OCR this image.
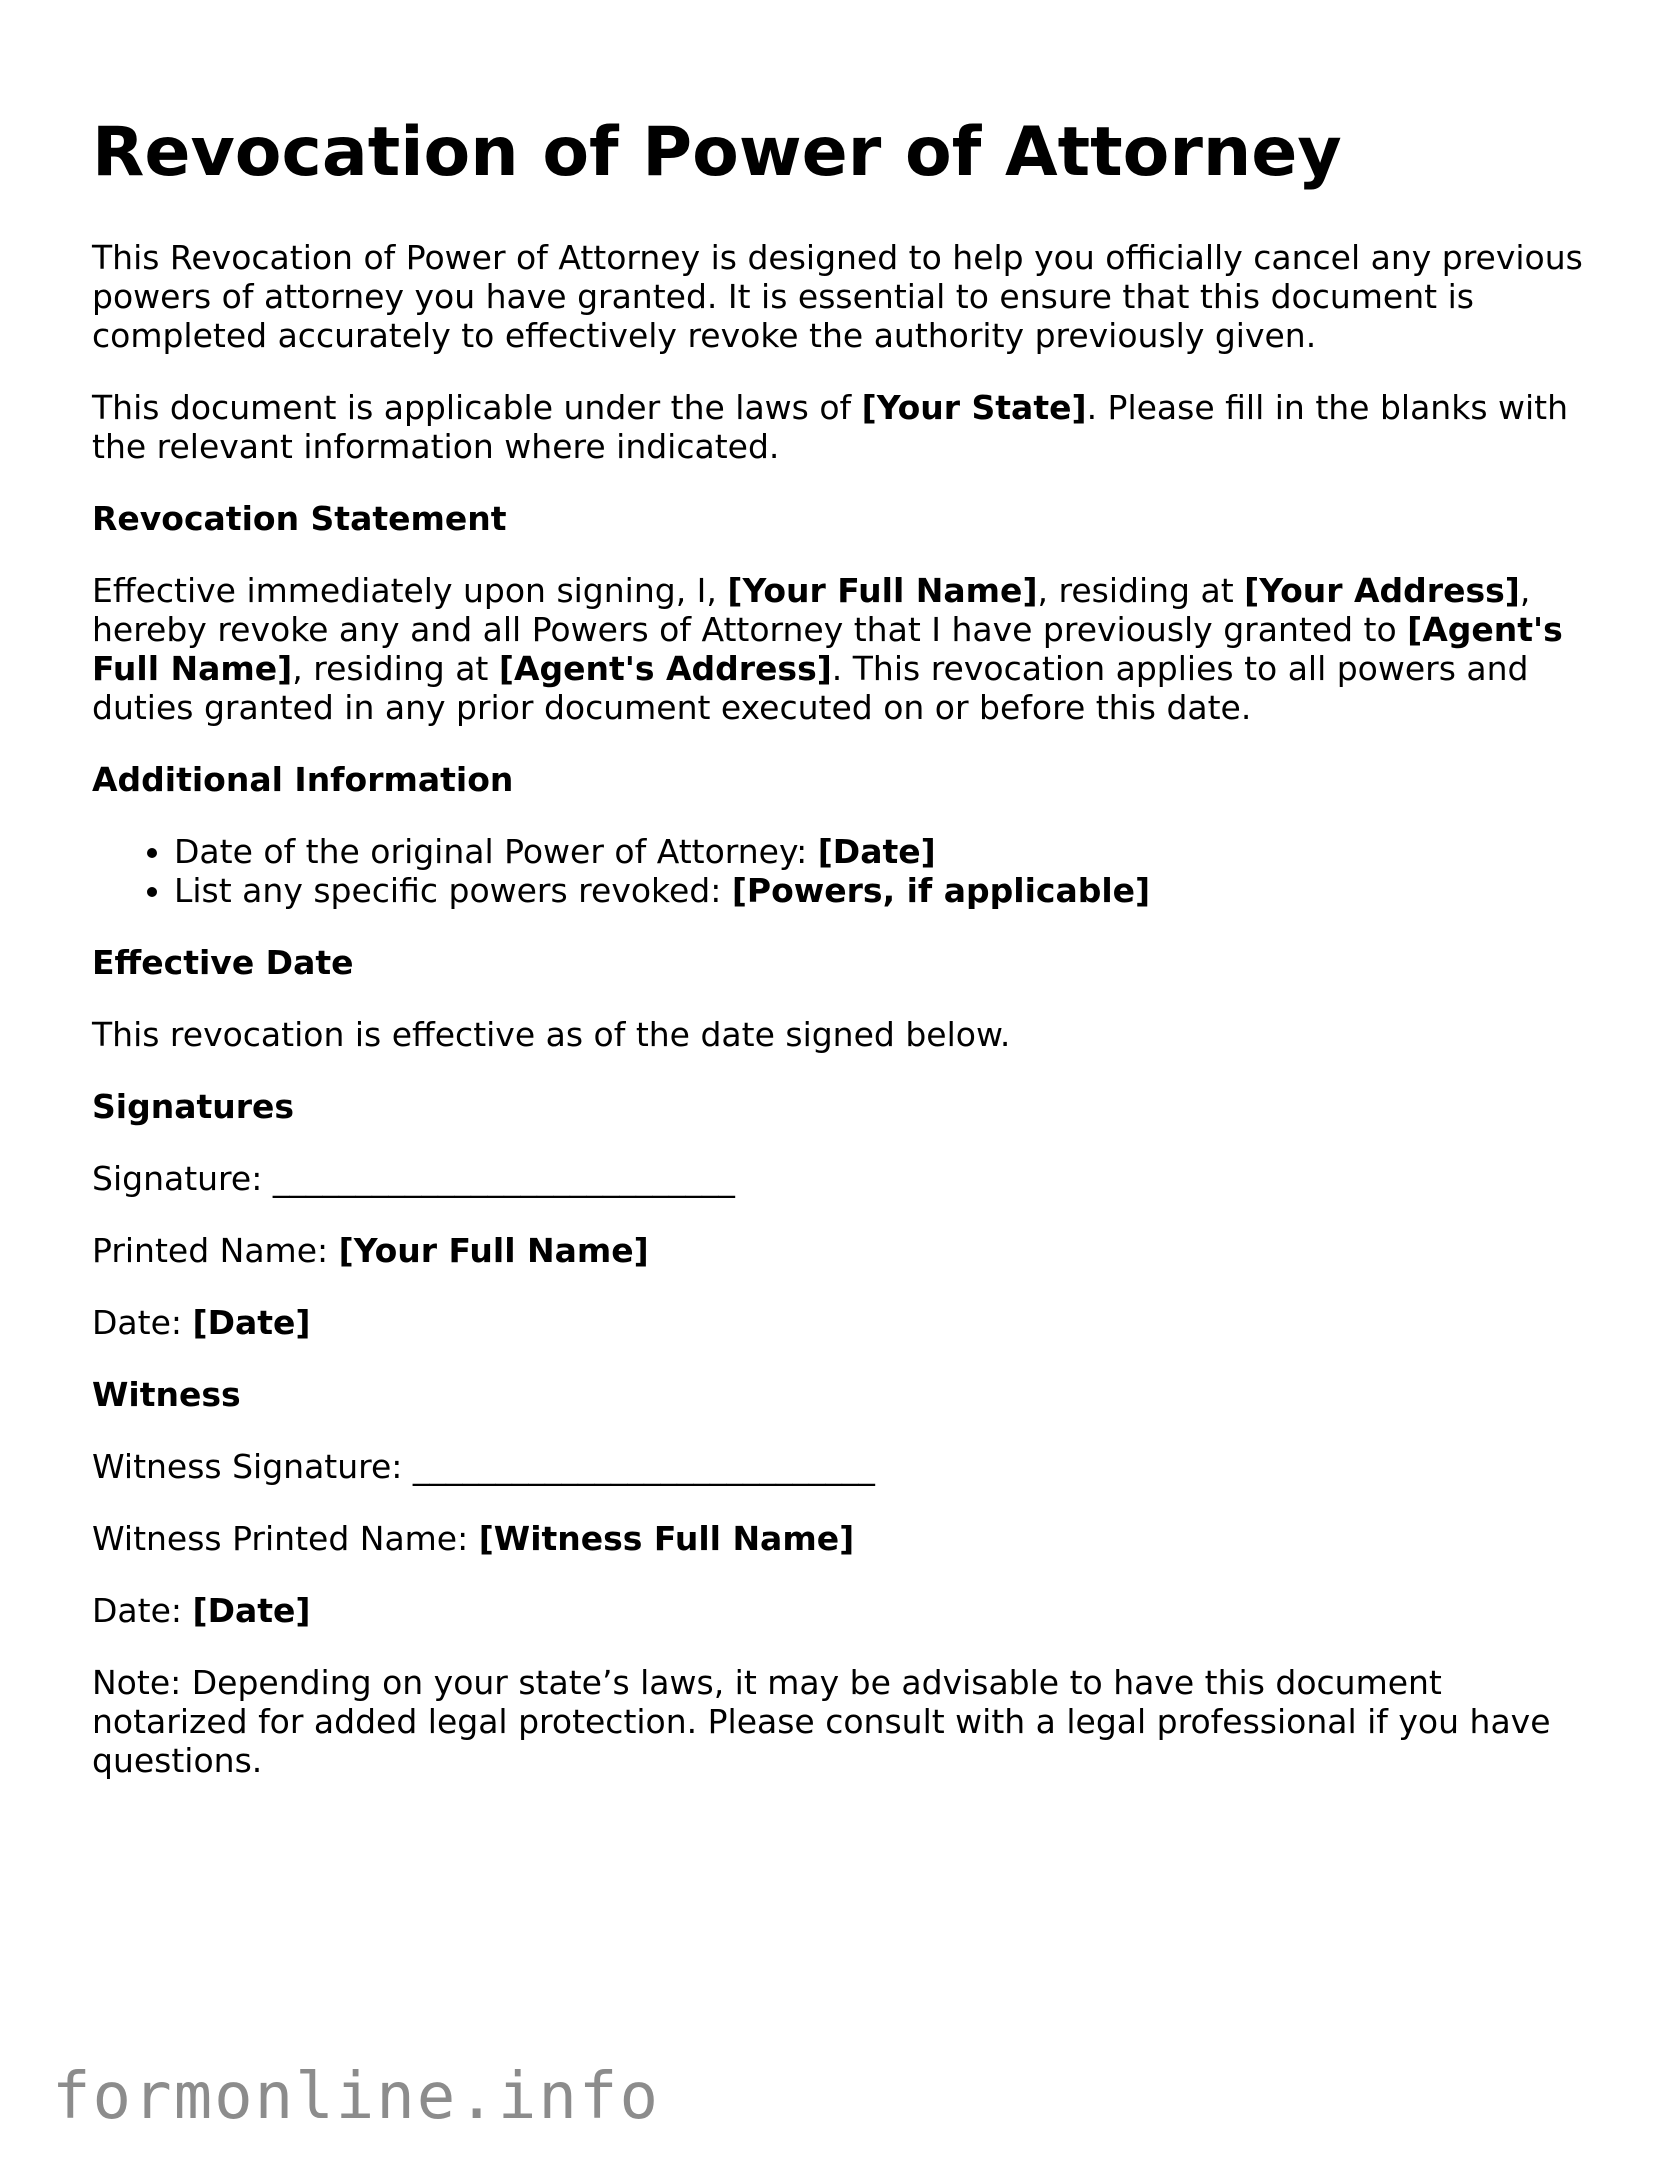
Revocation of Power of Attorney

This Revocation of Power of Attorney is designed to help you officially cancel any previous powers of attorney you have granted. It is essential to ensure that this document is completed accurately to effectively revoke the authority previously given.

This document is applicable under the laws of [Your State]. Please fill in the blanks with the relevant information where indicated.

Revocation Statement

Effective immediately upon signing, I, [Your Full Name], residing at [Your Address], hereby revoke any and all Powers of Attorney that I have previously granted to [Agent's Full Name], residing at [Agent's Address]. This revocation applies to all powers and duties granted in any prior document executed on or before this date.

Additional Information
• Date of the original Power of Attorney: [Date]
• List any specific powers revoked: [Powers, if applicable]
Effective Date

This revocation is effective as of the date signed below.

Signatures

Signature: ____________________________

Printed Name: [Your Full Name]

Date: [Date]

Witness

Witness Signature: ____________________________

Witness Printed Name: [Witness Full Name]

Date: [Date]

Note: Depending on your state’s laws, it may be advisable to have this document notarized for added legal protection. Please consult with a legal professional if you have questions.

formonline.info
